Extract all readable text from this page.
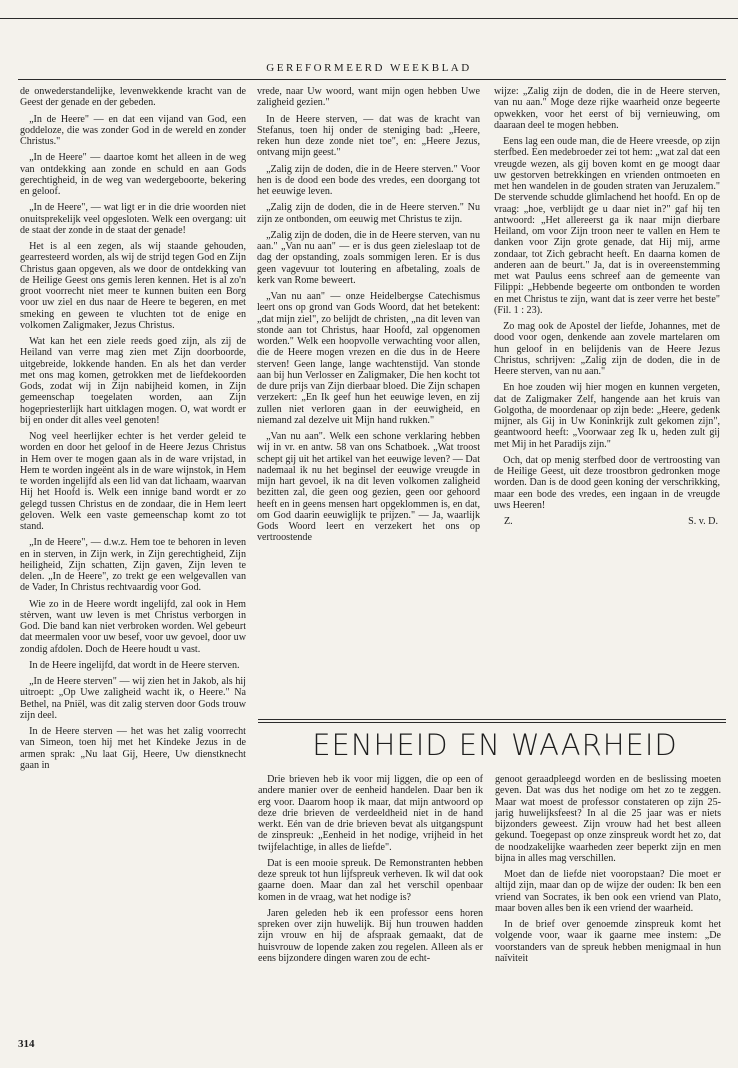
GEREFORMEERD WEEKBLAD

de onwederstandelijke, levenwekkende kracht van de Geest der genade en der gebeden.

„In de Heere" — en dat een vijand van God, een goddeloze, die was zonder God in de wereld en zonder Christus."

„In de Heere" — daartoe komt het alleen in de weg van ontdekking aan zonde en schuld en aan Gods gerechtigheid, in de weg van wedergeboorte, bekering en geloof.

„In de Heere", — wat ligt er in die drie woorden niet onuitsprekelijk veel opgesloten. Welk een overgang: uit de staat der zonde in de staat der genade!

Het is al een zegen, als wij staande gehouden, gearresteerd worden, als wij de strijd tegen God en Zijn Christus gaan opgeven, als we door de ontdekking van de Heilige Geest ons gemis leren kennen. Het is al zo'n groot voorrecht niet meer te kunnen buiten een Borg voor uw ziel en dus naar de Heere te begeren, en met smeking en geween te vluchten tot de enige en volkomen Zaligmaker, Jezus Christus.

Wat kan het een ziele reeds goed zijn, als zij de Heiland van verre mag zien met Zijn doorboorde, uitgebreide, lokkende handen. En als het dan verder met ons mag komen, getrokken met de liefdekoorden Gods, zodat wij in Zijn nabijheid komen, in Zijn gemeenschap toegelaten worden, aan Zijn hogepriesterlijk hart uitklagen mogen. O, wat wordt er bij en onder dit alles veel genoten!

Nog veel heerlijker echter is het verder geleid te worden en door het geloof in de Heere Jezus Christus in Hem over te mogen gaan als in de ware vrijstad, in Hem te worden ingeënt als in de ware wijnstok, in Hem te worden ingelijfd als een lid van dat lichaam, waarvan Hij het Hoofd is. Welk een innige band wordt er zo gelegd tussen Christus en de zondaar, die in Hem leert geloven. Welk een vaste gemeenschap komt zo tot stand.

„In de Heere", — d.w.z. Hem toe te behoren in leven en in sterven, in Zijn werk, in Zijn gerechtigheid, Zijn heiligheid, Zijn schatten, Zijn gaven, Zijn leven te delen. „In de Heere", zo trekt ge een welgevallen van de Vader, In Christus rechtvaardig voor God.

Wie zo in de Heere wordt ingelijfd, zal ook in Hem stèrven, want uw leven is met Christus verborgen in God. Die band kan niet verbroken worden. Wel gebeurt dat meermalen voor uw besef, voor uw gevoel, door uw zondig afdolen. Doch de Heere houdt u vast.

In de Heere ingelijfd, dat wordt in de Heere sterven.

„In de Heere sterven" — wij zien het in Jakob, als hij uitroept: „Op Uwe zaligheid wacht ik, o Heere." Na Bethel, na Pniël, was dit zalig sterven door Gods trouw zijn deel.

In de Heere sterven — het was het zalig voorrecht van Simeon, toen hij met het Kindeke Jezus in de armen sprak: „Nu laat Gij, Heere, Uw dienstknecht gaan in

vrede, naar Uw woord, want mijn ogen hebben Uwe zaligheid gezien."

In de Heere sterven, — dat was de kracht van Stefanus, toen hij onder de steniging bad: „Heere, reken hun deze zonde niet toe", en: „Heere Jezus, ontvang mijn geest."

„Zalig zijn de doden, die in de Heere sterven." Voor hen is de dood een bode des vredes, een doorgang tot het eeuwige leven.

„Zalig zijn de doden, die in de Heere sterven." Nu zijn ze ontbonden, om eeuwig met Christus te zijn.

„Zalig zijn de doden, die in de Heere sterven, van nu aan." „Van nu aan" — er is dus geen zieleslaap tot de dag der opstanding, zoals sommigen leren. Er is dus geen vagevuur tot loutering en afbetaling, zoals de kerk van Rome beweert.

„Van nu aan" — onze Heidelbergse Catechismus leert ons op grond van Gods Woord, dat het betekent: „dat mijn ziel", zo belijdt de christen, „na dit leven van stonde aan tot Christus, haar Hoofd, zal opgenomen worden." Welk een hoopvolle verwachting voor allen, die de Heere mogen vrezen en die dus in de Heere sterven! Geen lange, lange wachtenstijd. Van stonde aan bij hun Verlosser en Zaligmaker, Die hen kocht tot de dure prijs van Zijn dierbaar bloed. Die Zijn schapen verzekert: „En Ik geef hun het eeuwige leven, en zij zullen niet verloren gaan in der eeuwigheid, en niemand zal dezelve uit Mijn hand rukken."

„Van nu aan". Welk een schone verklaring hebben wij in vr. en antw. 58 van ons Schatboek. „Wat troost schept gij uit het artikel van het eeuwige leven? — Dat nademaal ik nu het beginsel der eeuwige vreugde in mijn hart gevoel, ik na dit leven volkomen zaligheid bezitten zal, die geen oog gezien, geen oor gehoord heeft en in geens mensen hart opgeklommen is, en dat, om God daarin eeuwiglijk te prijzen." — Ja, waarlijk Gods Woord leert en verzekert het ons op vertroostende

wijze: „Zalig zijn de doden, die in de Heere sterven, van nu aan." Moge deze rijke waarheid onze begeerte opwekken, voor het eerst of bij vernieuwing, om daaraan deel te mogen hebben.

Eens lag een oude man, die de Heere vreesde, op zijn sterfbed. Een medebroeder zei tot hem: „wat zal dat een vreugde wezen, als gij boven komt en ge moogt daar uw gestorven betrekkingen en vrienden ontmoeten en met hen wandelen in de gouden straten van Jeruzalem." De stervende schudde glimlachend het hoofd. En op de vraag: „hoe, verblijdt ge u daar niet in?" gaf hij ten antwoord: „Het allereerst ga ik naar mijn dierbare Heiland, om voor Zijn troon neer te vallen en Hem te danken voor Zijn grote genade, dat Hij mij, arme zondaar, tot Zich gebracht heeft. En daarna komen de anderen aan de beurt." Ja, dat is in overeenstemming met wat Paulus eens schreef aan de gemeente van Filippi: „Hebbende begeerte om ontbonden te worden en met Christus te zijn, want dat is zeer verre het beste" (Fil. 1 : 23).

Zo mag ook de Apostel der liefde, Johannes, met de dood voor ogen, denkende aan zovele martelaren om hun geloof in en belijdenis van de Heere Jezus Christus, schrijven: „Zalig zijn de doden, die in de Heere sterven, van nu aan."

En hoe zouden wij hier mogen en kunnen vergeten, dat de Zaligmaker Zelf, hangende aan het kruis van Golgotha, de moordenaar op zijn bede: „Heere, gedenk mijner, als Gij in Uw Koninkrijk zult gekomen zijn", geantwoord heeft: „Voorwaar zeg Ik u, heden zult gij met Mij in het Paradijs zijn."

Och, dat op menig sterfbed door de vertroosting van de Heilige Geest, uit deze troostbron gedronken moge worden. Dan is de dood geen koning der verschrikking, maar een bode des vredes, een ingaan in de vreugde uws Heeren!

Z.	S. v. D.
EENHEID EN WAARHEID

Drie brieven heb ik voor mij liggen, die op een of andere manier over de eenheid handelen. Daar ben ik erg voor. Daarom hoop ik maar, dat mijn antwoord op deze drie brieven de verdeeldheid niet in de hand werkt. Eén van de drie brieven bevat als uitgangspunt de zinspreuk: „Eenheid in het nodige, vrijheid in het twijfelachtige, in alles de liefde".

Dat is een mooie spreuk. De Remonstranten hebben deze spreuk tot hun lijfspreuk verheven. Ik wil dat ook gaarne doen. Maar dan zal het verschil openbaar komen in de vraag, wat het nodige is?

Jaren geleden heb ik een professor eens horen spreken over zijn huwelijk. Bij hun trouwen hadden zijn vrouw en hij de afspraak gemaakt, dat de huisvrouw de lopende zaken zou regelen. Alleen als er eens bijzondere dingen waren zou de echt-

genoot geraadpleegd worden en de beslissing moeten geven. Dat was dus het nodige om het zo te zeggen. Maar wat moest de professor constateren op zijn 25-jarig huwelijksfeest? In al die 25 jaar was er niets bijzonders geweest. Zijn vrouw had het best alleen gekund. Toegepast op onze zinspreuk wordt het zo, dat de noodzakelijke waarheden zeer beperkt zijn en men bijna in alles mag verschillen.

Moet dan de liefde niet vooropstaan? Die moet er altijd zijn, maar dan op de wijze der ouden: Ik ben een vriend van Socrates, ik ben ook een vriend van Plato, maar boven alles ben ik een vriend der waarheid.

In de brief over genoemde zinspreuk komt het volgende voor, waar ik gaarne mee instem: „De voorstanders van de spreuk hebben menigmaal in hun naïviteit

314
